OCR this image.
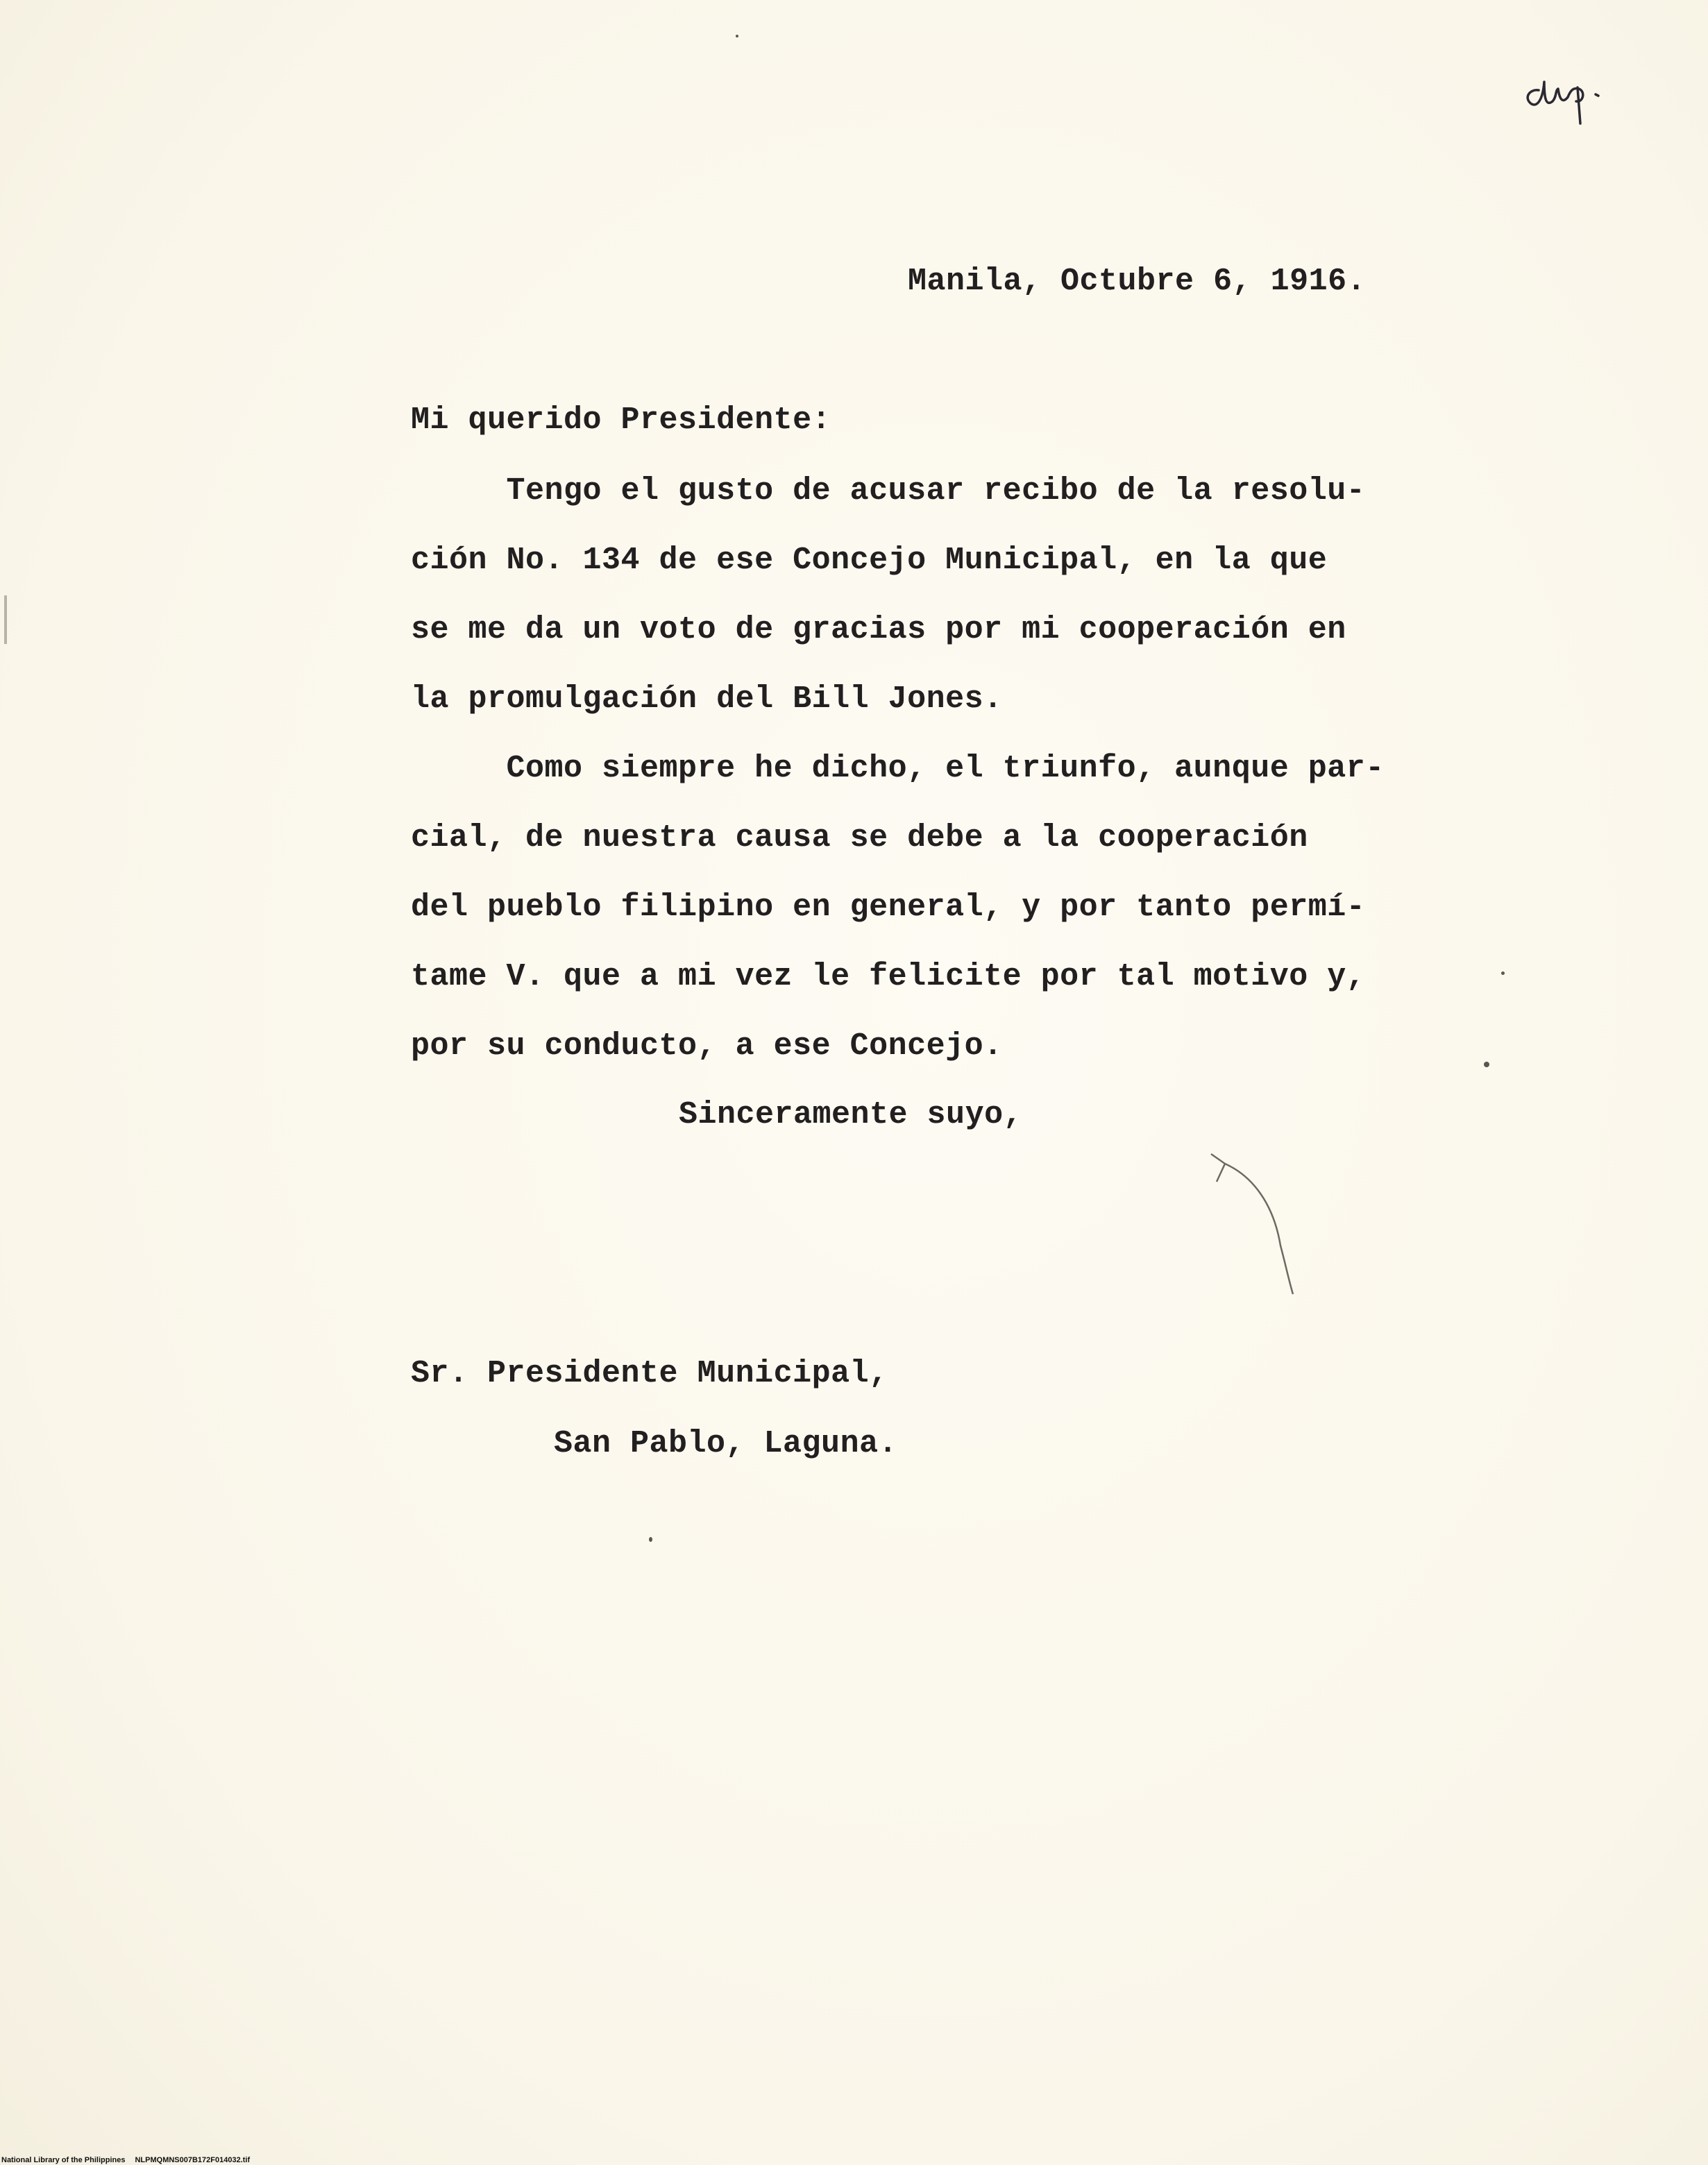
Manila, Octubre 6, 1916.
Mi querido Presidente:
Tengo el gusto de acusar recibo de la resolu-
ción No. 134 de ese Concejo Municipal, en la que
se me da un voto de gracias por mi cooperación en
la promulgación del Bill Jones.
Como siempre he dicho, el triunfo, aunque par-
cial, de nuestra causa se debe a la cooperación
del pueblo filipino en general, y por tanto permí-
tame V. que a mi vez le felicite por tal motivo y,
por su conducto, a ese Concejo.
Sinceramente suyo,
Sr. Presidente Municipal,
San Pablo, Laguna.
National Library of the Philippines NLPMQMNS007B172F014032.tif
